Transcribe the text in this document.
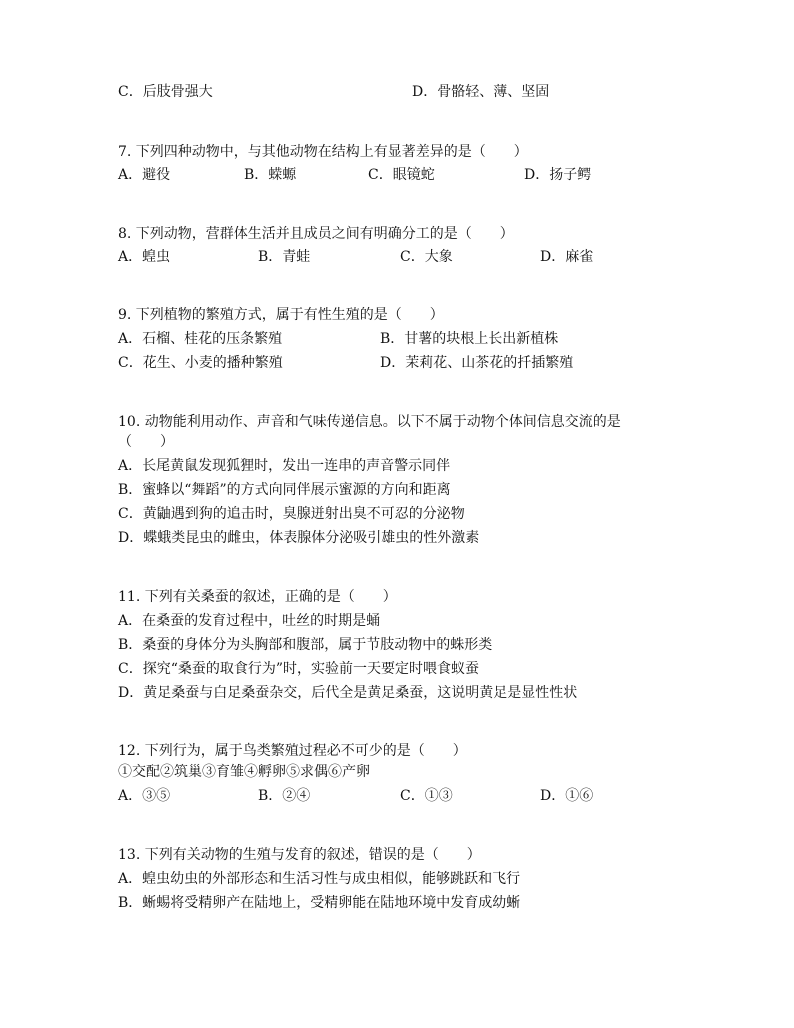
C．后肢骨强大	D．骨骼轻、薄、坚固
7. 下列四种动物中，与其他动物在结构上有显著差异的是（　　）
A．避役	B．蝾螈	C．眼镜蛇	D．扬子鳄
8. 下列动物，营群体生活并且成员之间有明确分工的是（　　）
A．蝗虫	B．青蛙	C．大象	D．麻雀
9. 下列植物的繁殖方式，属于有性生殖的是（　　）
A．石榴、桂花的压条繁殖	B．甘薯的块根上长出新植株
C．花生、小麦的播种繁殖	D．茉莉花、山茶花的扦插繁殖
10. 动物能利用动作、声音和气味传递信息。以下不属于动物个体间信息交流的是
（　　）
A．长尾黄鼠发现狐狸时，发出一连串的声音警示同伴
B．蜜蜂以“舞蹈”的方式向同伴展示蜜源的方向和距离
C．黄鼬遇到狗的追击时，臭腺迸射出臭不可忍的分泌物
D．蝶蛾类昆虫的雌虫，体表腺体分泌吸引雄虫的性外激素
11. 下列有关桑蚕的叙述，正确的是（　　）
A．在桑蚕的发育过程中，吐丝的时期是蛹
B．桑蚕的身体分为头胸部和腹部，属于节肢动物中的蛛形类
C．探究“桑蚕的取食行为”时，实验前一天要定时喂食蚁蚕
D．黄足桑蚕与白足桑蚕杂交，后代全是黄足桑蚕，这说明黄足是显性性状
12. 下列行为，属于鸟类繁殖过程必不可少的是（　　）
①交配②筑巢③育雏④孵卵⑤求偶⑥产卵
A．③⑤	B．②④	C．①③	D．①⑥
13. 下列有关动物的生殖与发育的叙述，错误的是（　　）
A．蝗虫幼虫的外部形态和生活习性与成虫相似，能够跳跃和飞行
B．蜥蜴将受精卵产在陆地上，受精卵能在陆地环境中发育成幼蜥
